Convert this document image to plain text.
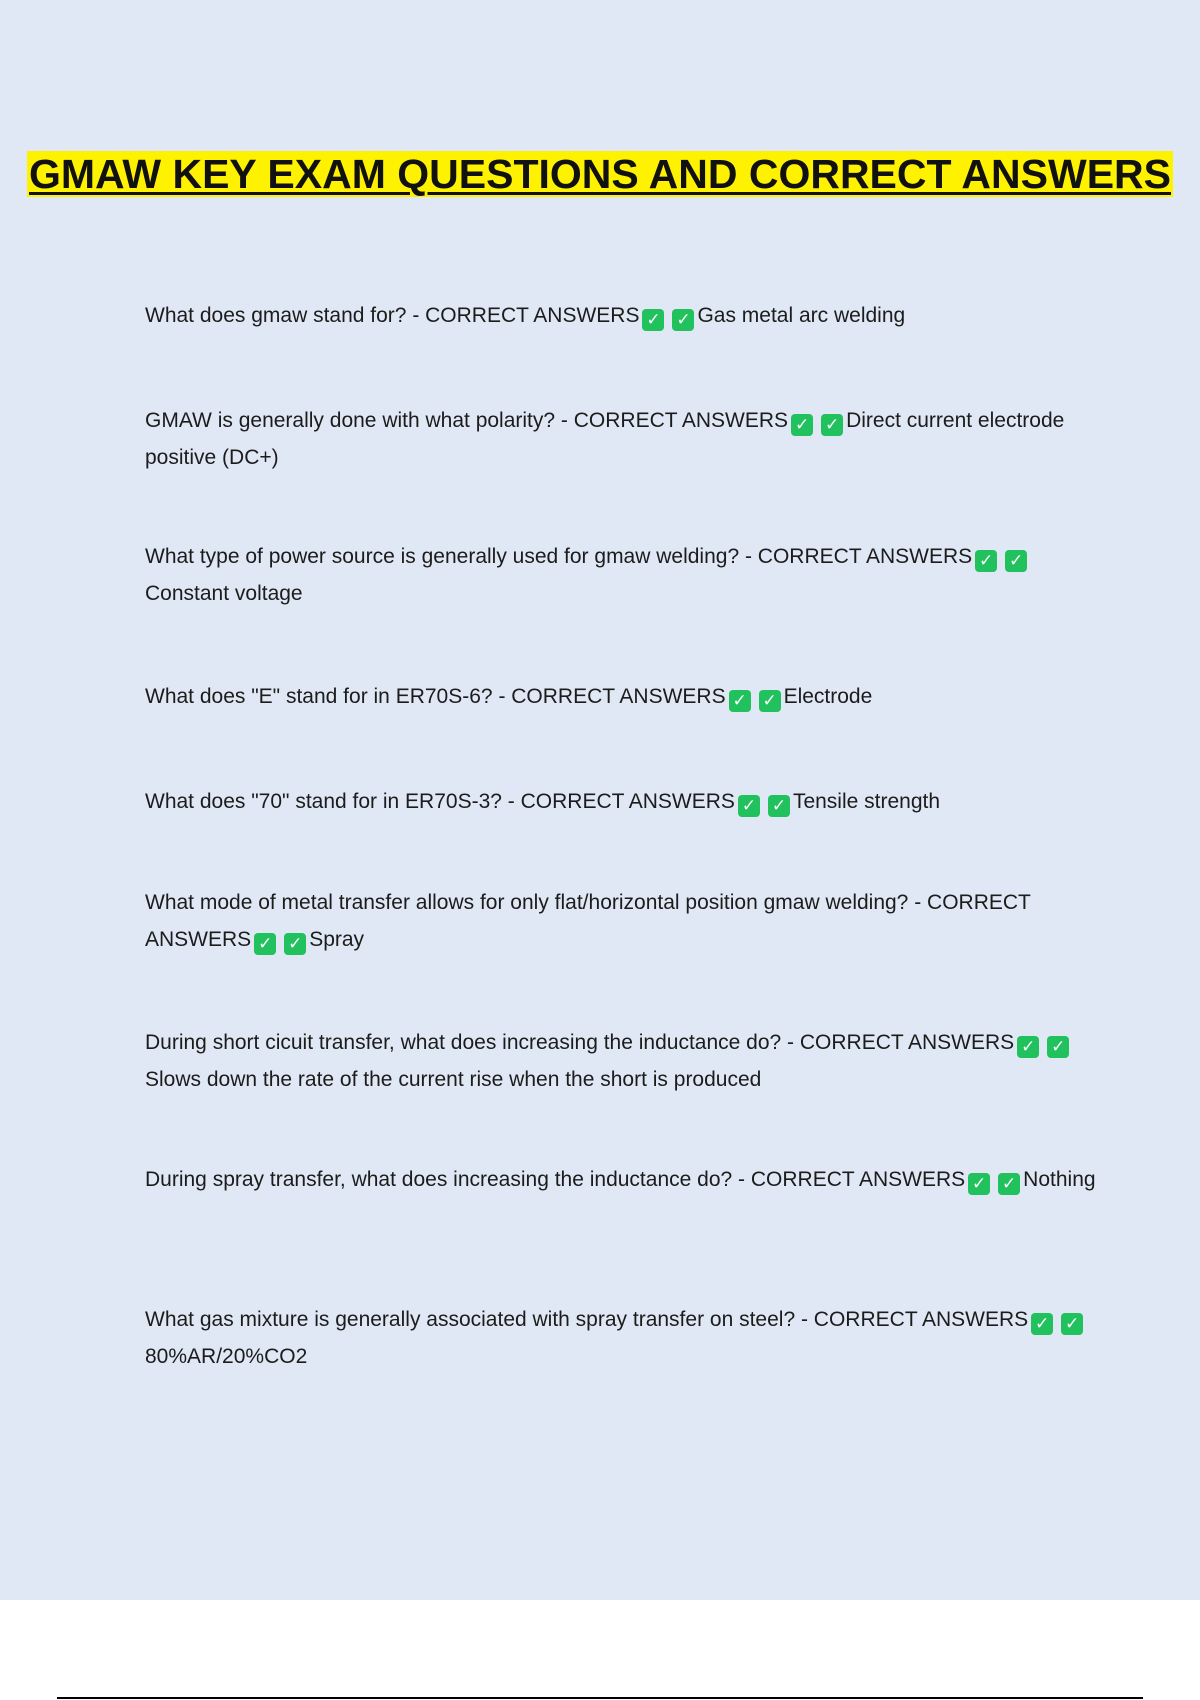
GMAW KEY EXAM QUESTIONS AND CORRECT ANSWERS
What does gmaw stand for? - CORRECT ANSWERS ✓ ✓ Gas metal arc welding
GMAW is generally done with what polarity? - CORRECT ANSWERS ✓ ✓ Direct current electrode positive (DC+)
What type of power source is generally used for gmaw welding? - CORRECT ANSWERS ✓ ✓Constant voltage
What does "E" stand for in ER70S-6? - CORRECT ANSWERS ✓ ✓ Electrode
What does "70" stand for in ER70S-3? - CORRECT ANSWERS ✓ ✓ Tensile strength
What mode of metal transfer allows for only flat/horizontal position gmaw welding? - CORRECT ANSWERS ✓ ✓ Spray
During short cicuit transfer, what does increasing the inductance do? - CORRECT ANSWERS ✓ ✓Slows down the rate of the current rise when the short is produced
During spray transfer, what does increasing the inductance do? - CORRECT ANSWERS ✓ ✓ Nothing
What gas mixture is generally associated with spray transfer on steel? - CORRECT ANSWERS ✓ ✓80%AR/20%CO2
